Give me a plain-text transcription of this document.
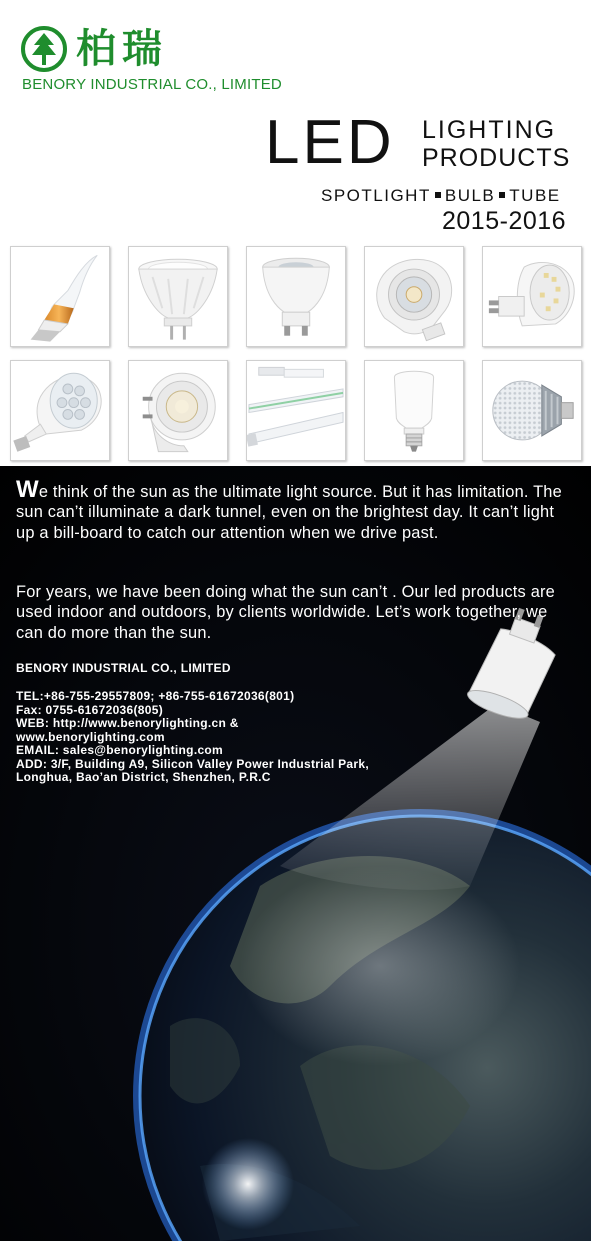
柏瑞
BENORY INDUSTRIAL CO., LIMITED
LED LIGHTING
PRODUCTS
SPOTLIGHT BULB TUBE
2015-2016
We think of the sun as the ultimate light source. But it has limitation. The sun can’t illuminate a dark tunnel, even on the brightest day. It can’t light up a bill-board to catch our attention when we drive past.
For years, we have been doing what the sun can’t . Our led products are used indoor and outdoors, by clients worldwide. Let’s work together, we can do more than the sun.
BENORY INDUSTRIAL CO., LIMITED
TEL:+86-755-29557809; +86-755-61672036(801)
Fax: 0755-61672036(805)
WEB: http://www.benorylighting.cn &
www.benorylighting.com
EMAIL: sales@benorylighting.com
ADD: 3/F, Building A9, Silicon Valley Power Industrial Park,
Longhua, Bao’an District, Shenzhen, P.R.C
